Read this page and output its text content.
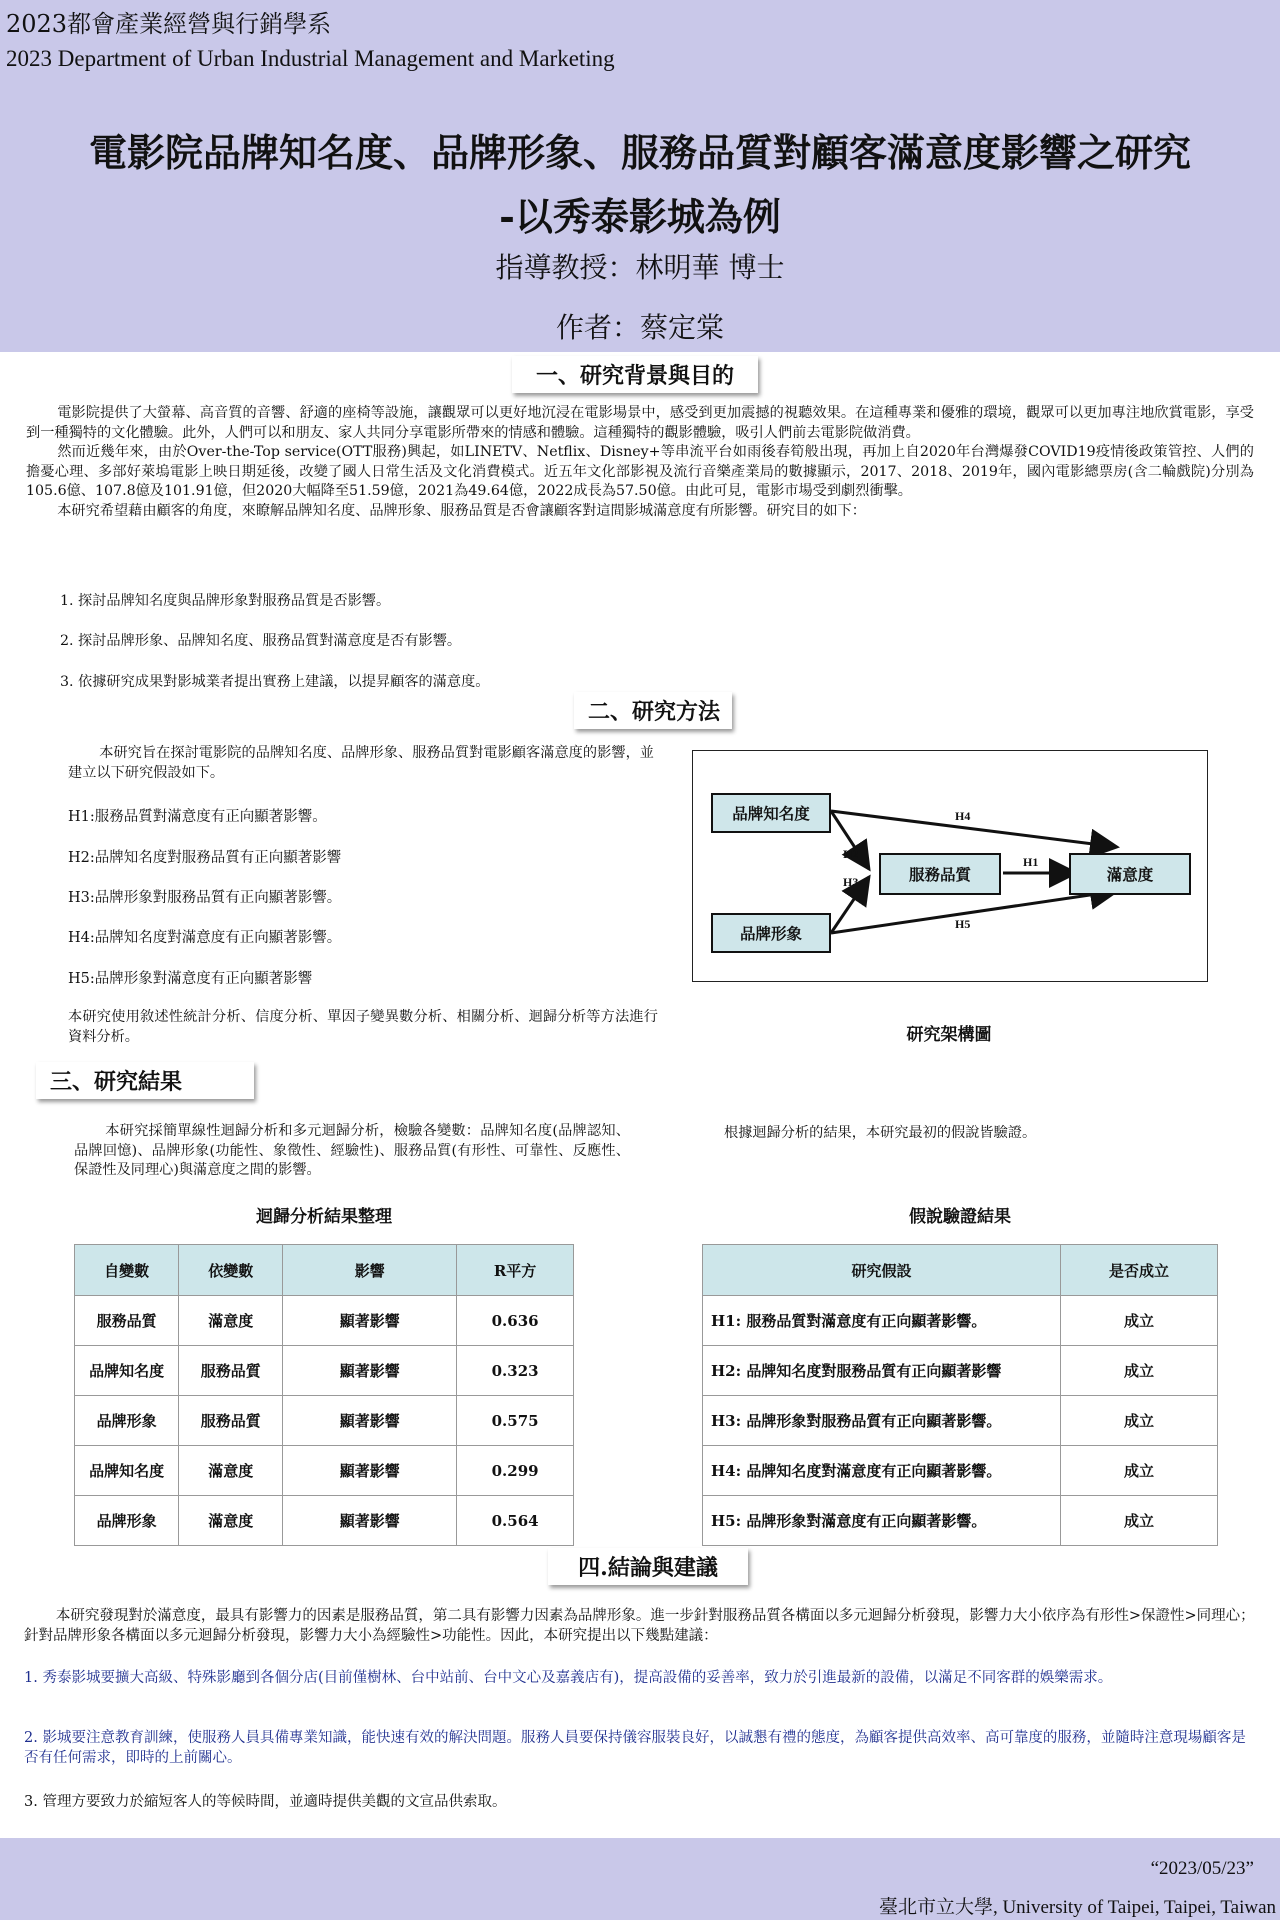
2023都會產業經營與行銷學系
2023 Department of Urban Industrial Management and Marketing
電影院品牌知名度、品牌形象、服務品質對顧客滿意度影響之研究
-以秀泰影城為例
指導教授：林明華 博士
作者：蔡定棠
一、研究背景與目的

電影院提供了大螢幕、高音質的音響、舒適的座椅等設施，讓觀眾可以更好地沉浸在電影場景中，感受到更加震撼的視聽效果。在這種專業和優雅的環境，觀眾可以更加專注地欣賞電影，享受到一種獨特的文化體驗。此外，人們可以和朋友、家人共同分享電影所帶來的情感和體驗。這種獨特的觀影體驗，吸引人們前去電影院做消費。

然而近幾年來，由於Over-the-Top service(OTT服務)興起，如LINETV、Netflix、Disney+等串流平台如雨後春筍般出現，再加上自2020年台灣爆發COVID19疫情後政策管控、人們的擔憂心理、多部好萊塢電影上映日期延後，改變了國人日常生活及文化消費模式。近五年文化部影視及流行音樂產業局的數據顯示，2017、2018、2019年，國內電影總票房(含二輪戲院)分別為105.6億、107.8億及101.91億，但2020大幅降至51.59億，2021為49.64億，2022成長為57.50億。由此可見，電影市場受到劇烈衝擊。

本研究希望藉由顧客的角度，來瞭解品牌知名度、品牌形象、服務品質是否會讓顧客對這間影城滿意度有所影響。研究目的如下：

1. 探討品牌知名度與品牌形象對服務品質是否影響。
2. 探討品牌形象、品牌知名度、服務品質對滿意度是否有影響。
3. 依據研究成果對影城業者提出實務上建議，以提昇顧客的滿意度。
二、研究方法

本研究旨在探討電影院的品牌知名度、品牌形象、服務品質對電影顧客滿意度的影響，並建立以下研究假設如下。

H1:服務品質對滿意度有正向顯著影響。
H2:品牌知名度對服務品質有正向顯著影響
H3:品牌形象對服務品質有正向顯著影響。
H4:品牌知名度對滿意度有正向顯著影響。
H5:品牌形象對滿意度有正向顯著影響

本研究使用敘述性統計分析、信度分析、單因子變異數分析、相關分析、迴歸分析等方法進行資料分析。

品牌知名度
品牌形象
服務品質	滿意度
H4
H2
H3
H1
H5
研究架構圖
三、研究結果

本研究採簡單線性迴歸分析和多元迴歸分析，檢驗各變數：品牌知名度(品牌認知、品牌回憶)、品牌形象(功能性、象徵性、經驗性)、服務品質(有形性、可靠性、反應性、保證性及同理心)與滿意度之間的影響。

根據迴歸分析的結果，本研究最初的假說皆驗證。
迴歸分析結果整理	假說驗證結果
自變數	依變數	影響	R平方
服務品質	滿意度	顯著影響	0.636
品牌知名度	服務品質	顯著影響	0.323
品牌形象	服務品質	顯著影響	0.575
品牌知名度	滿意度	顯著影響	0.299
品牌形象	滿意度	顯著影響	0.564
研究假設	是否成立
H1: 服務品質對滿意度有正向顯著影響。	成立
H2: 品牌知名度對服務品質有正向顯著影響	成立
H3: 品牌形象對服務品質有正向顯著影響。	成立
H4: 品牌知名度對滿意度有正向顯著影響。	成立
H5: 品牌形象對滿意度有正向顯著影響。	成立
四.結論與建議

本研究發現對於滿意度，最具有影響力的因素是服務品質，第二具有影響力因素為品牌形象。進一步針對服務品質各構面以多元迴歸分析發現，影響力大小依序為有形性>保證性>同理心；針對品牌形象各構面以多元迴歸分析發現，影響力大小為經驗性>功能性。因此，本研究提出以下幾點建議：

1. 秀泰影城要擴大高級、特殊影廳到各個分店(目前僅樹林、台中站前、台中文心及嘉義店有)，提高設備的妥善率，致力於引進最新的設備，以滿足不同客群的娛樂需求。
2. 影城要注意教育訓練，使服務人員具備專業知識，能快速有效的解決問題。服務人員要保持儀容服裝良好，以誠懇有禮的態度，為顧客提供高效率、高可靠度的服務，並隨時注意現場顧客是否有任何需求，即時的上前關心。
3. 管理方要致力於縮短客人的等候時間，並適時提供美觀的文宣品供索取。
“2023/05/23”
臺北市立大學, University of Taipei, Taipei, Taiwan
